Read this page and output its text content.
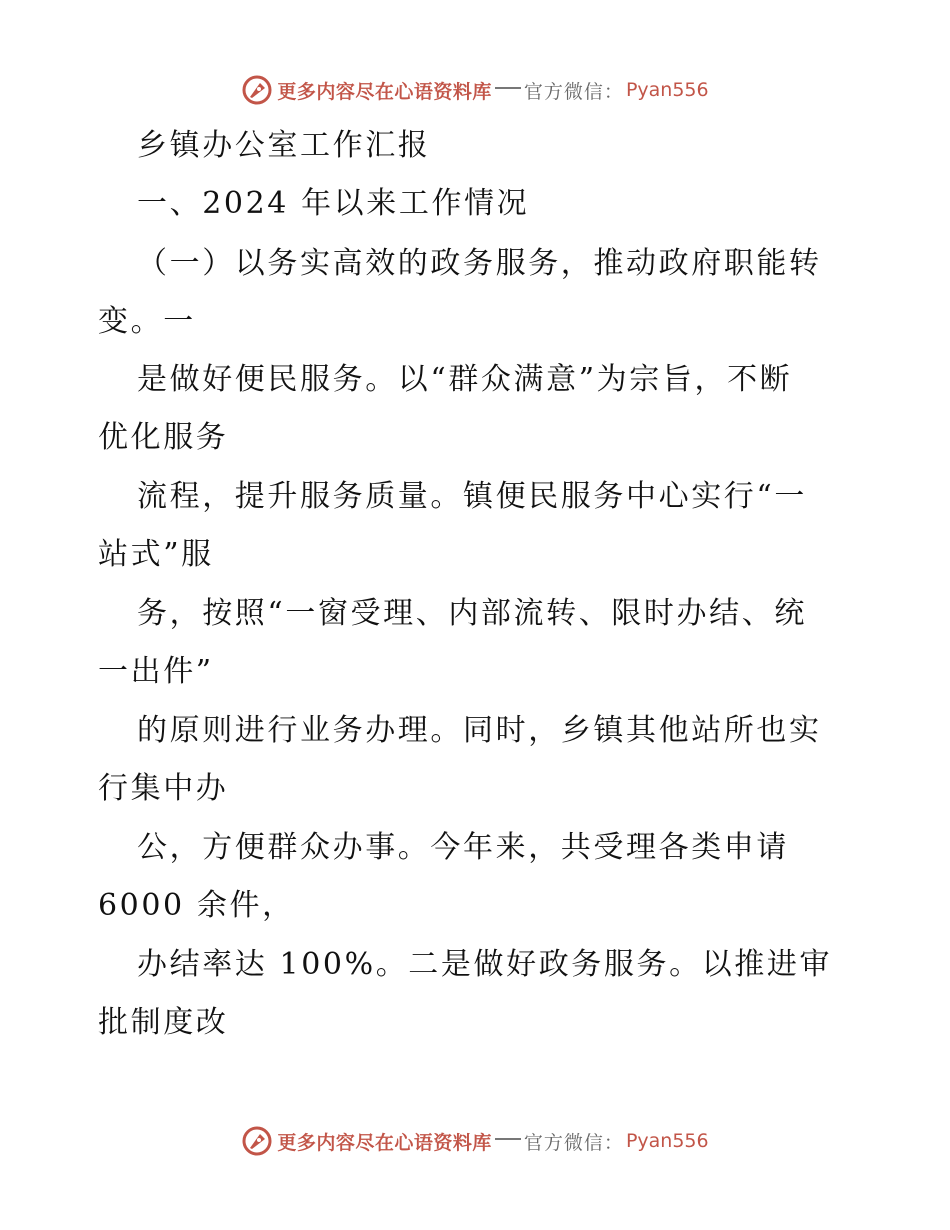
更多内容尽在心语资料库 官方微信： Pyan556
乡镇办公室工作汇报
一、2024 年以来工作情况
（一）以务实高效的政务服务，推动政府职能转
变。一
是做好便民服务。以“群众满意”为宗旨，不断
优化服务
流程，提升服务质量。镇便民服务中心实行“一
站式”服
务，按照“一窗受理、内部流转、限时办结、统
一出件”
的原则进行业务办理。同时，乡镇其他站所也实
行集中办
公，方便群众办事。今年来，共受理各类申请
6000 余件，
办结率达 100%。二是做好政务服务。以推进审
批制度改
更多内容尽在心语资料库 官方微信： Pyan556
